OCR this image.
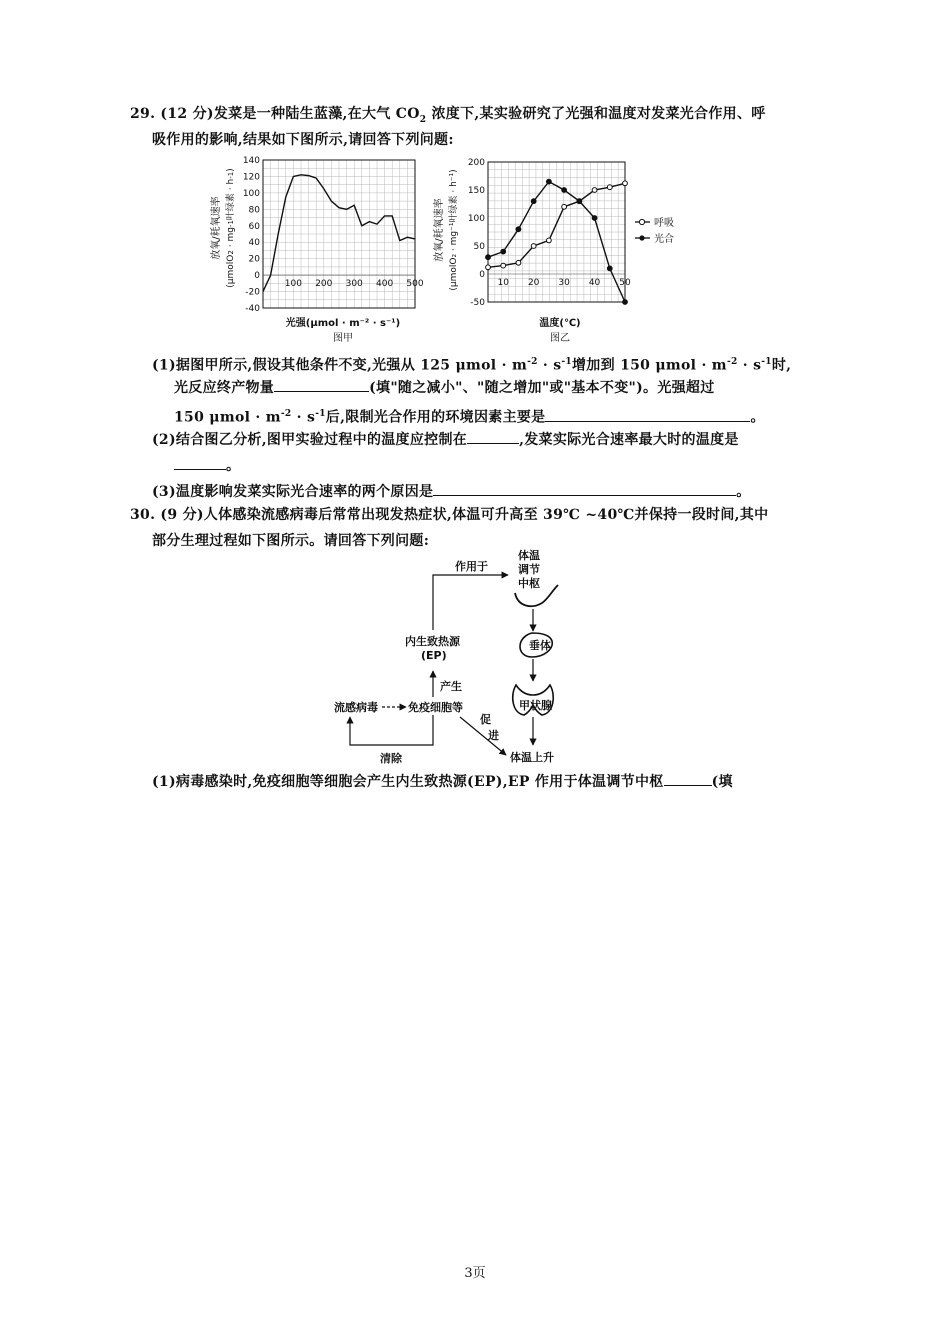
29. (12 分)发菜是一种陆生蓝藻,在大气 $CO_2$ 浓度下,某实验研究了光强和温度对发菜光合作用、呼
吸作用的影响,结果如下图所示,请回答下列问题:
-40
-20
0
20
40
60
80
100
120
140
100 200 300 400 500
放氧/耗氧速率
(μmolO2 · mg-1叶绿素 · h-1)
光强(μmol · m⁻² · s⁻¹)
图甲
-50
0
50
100
150
200
10 20 30 40 50
放氧/耗氧速率 (μmolO₂ · mg⁻¹叶绿素 · h⁻¹)
温度(℃)
图乙
呼吸
光合
(1)据图甲所示,假设其他条件不变,光强从 125 $\mu mol \cdot m^{-2} \cdot s^{-1}$增加到 150 $\mu mol \cdot m^{-2} \cdot s^{-1}$时,
光反应终产物量	(填"随之减小"、"随之增加"或"基本不变")。光强超过
150 $\mu mol \cdot m^{-2} \cdot s^{-1}$后,限制光合作用的环境因素主要是	。
(2)结合图乙分析,图甲实验过程中的温度应控制在	,发菜实际光合速率最大时的温度是
。
(3)温度影响发菜实际光合速率的两个原因是	。
30. (9 分)人体感染流感病毒后常常出现发热症状,体温可升高至 39℃ ~40℃并保持一段时间,其中
部分生理过程如下图所示。请回答下列问题:
作用于
体温
调节
中枢
垂体
甲状腺
体温上升
内生致热源
(EP)
产生
流感病毒	免疫细胞等
促
进
清除
(1)病毒感染时,免疫细胞等细胞会产生内生致热源(EP),EP 作用于体温调节中枢	(填
3页
